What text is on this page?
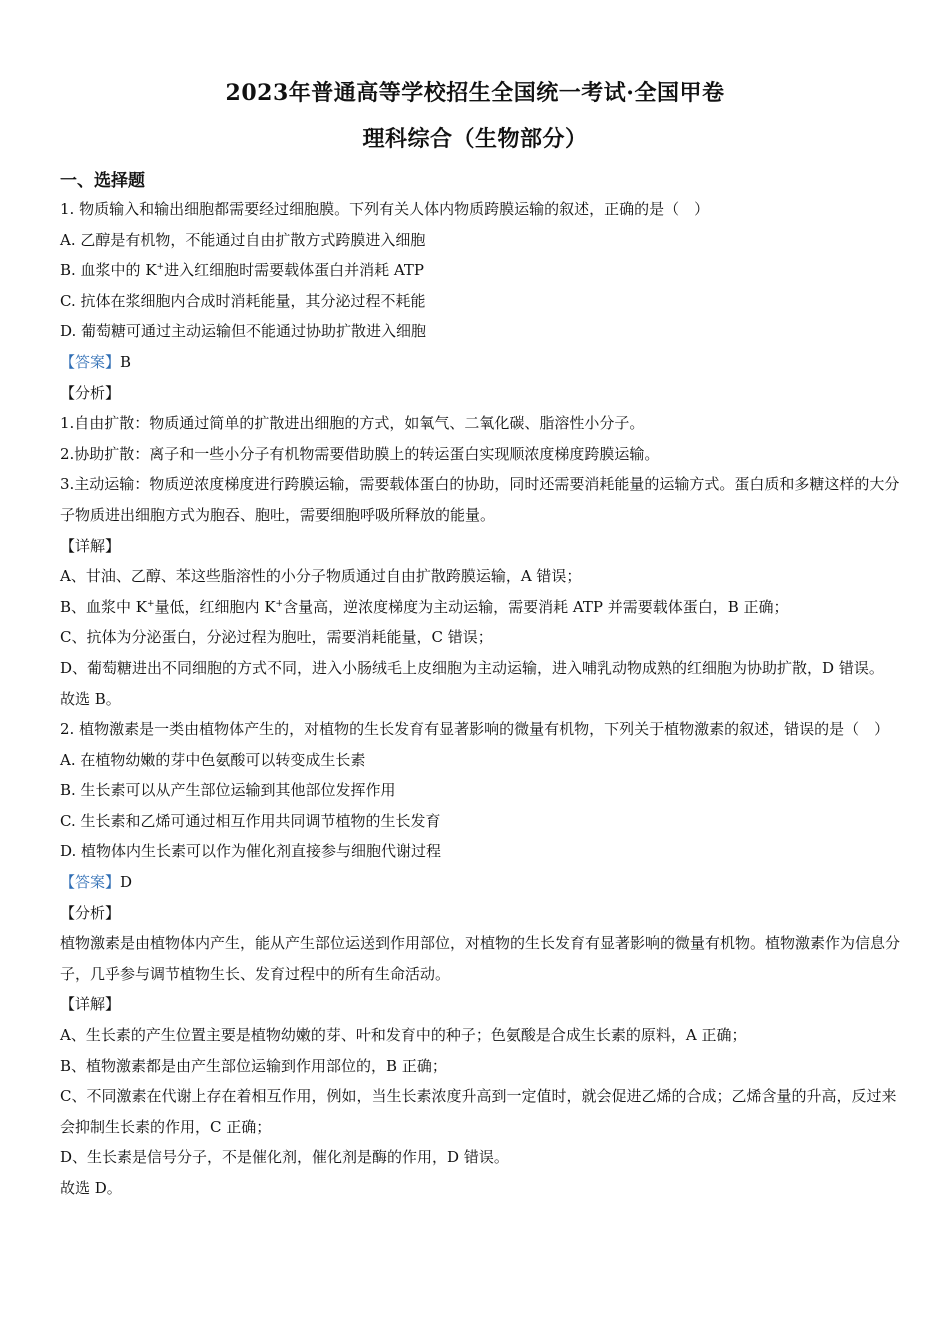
2023年普通高等学校招生全国统一考试·全国甲卷
理科综合（生物部分）
一、选择题

1. 物质输入和输出细胞都需要经过细胞膜。下列有关人体内物质跨膜运输的叙述，正确的是（　）

A. 乙醇是有机物，不能通过自由扩散方式跨膜进入细胞

B. 血浆中的 K+进入红细胞时需要载体蛋白并消耗 ATP

C. 抗体在浆细胞内合成时消耗能量，其分泌过程不耗能

D. 葡萄糖可通过主动运输但不能通过协助扩散进入细胞

【答案】B

【分析】

1.自由扩散：物质通过简单的扩散进出细胞的方式，如氧气、二氧化碳、脂溶性小分子。

2.协助扩散：离子和一些小分子有机物需要借助膜上的转运蛋白实现顺浓度梯度跨膜运输。

3.主动运输：物质逆浓度梯度进行跨膜运输，需要载体蛋白的协助，同时还需要消耗能量的运输方式。蛋白质和多糖这样的大分子物质进出细胞方式为胞吞、胞吐，需要细胞呼吸所释放的能量。

【详解】

A、甘油、乙醇、苯这些脂溶性的小分子物质通过自由扩散跨膜运输，A 错误；

B、血浆中 K+量低，红细胞内 K+含量高，逆浓度梯度为主动运输，需要消耗 ATP 并需要载体蛋白，B 正确；

C、抗体为分泌蛋白，分泌过程为胞吐，需要消耗能量，C 错误；

D、葡萄糖进出不同细胞的方式不同，进入小肠绒毛上皮细胞为主动运输，进入哺乳动物成熟的红细胞为协助扩散，D 错误。

故选 B。

2. 植物激素是一类由植物体产生的，对植物的生长发育有显著影响的微量有机物，下列关于植物激素的叙述，错误的是（　）

A. 在植物幼嫩的芽中色氨酸可以转变成生长素

B. 生长素可以从产生部位运输到其他部位发挥作用

C. 生长素和乙烯可通过相互作用共同调节植物的生长发育

D. 植物体内生长素可以作为催化剂直接参与细胞代谢过程

【答案】D

【分析】

植物激素是由植物体内产生，能从产生部位运送到作用部位，对植物的生长发育有显著影响的微量有机物。植物激素作为信息分子，几乎参与调节植物生长、发育过程中的所有生命活动。

【详解】

A、生长素的产生位置主要是植物幼嫩的芽、叶和发育中的种子；色氨酸是合成生长素的原料，A 正确；

B、植物激素都是由产生部位运输到作用部位的，B 正确；

C、不同激素在代谢上存在着相互作用，例如，当生长素浓度升高到一定值时，就会促进乙烯的合成；乙烯含量的升高，反过来会抑制生长素的作用，C 正确；

D、生长素是信号分子，不是催化剂，催化剂是酶的作用，D 错误。

故选 D。
